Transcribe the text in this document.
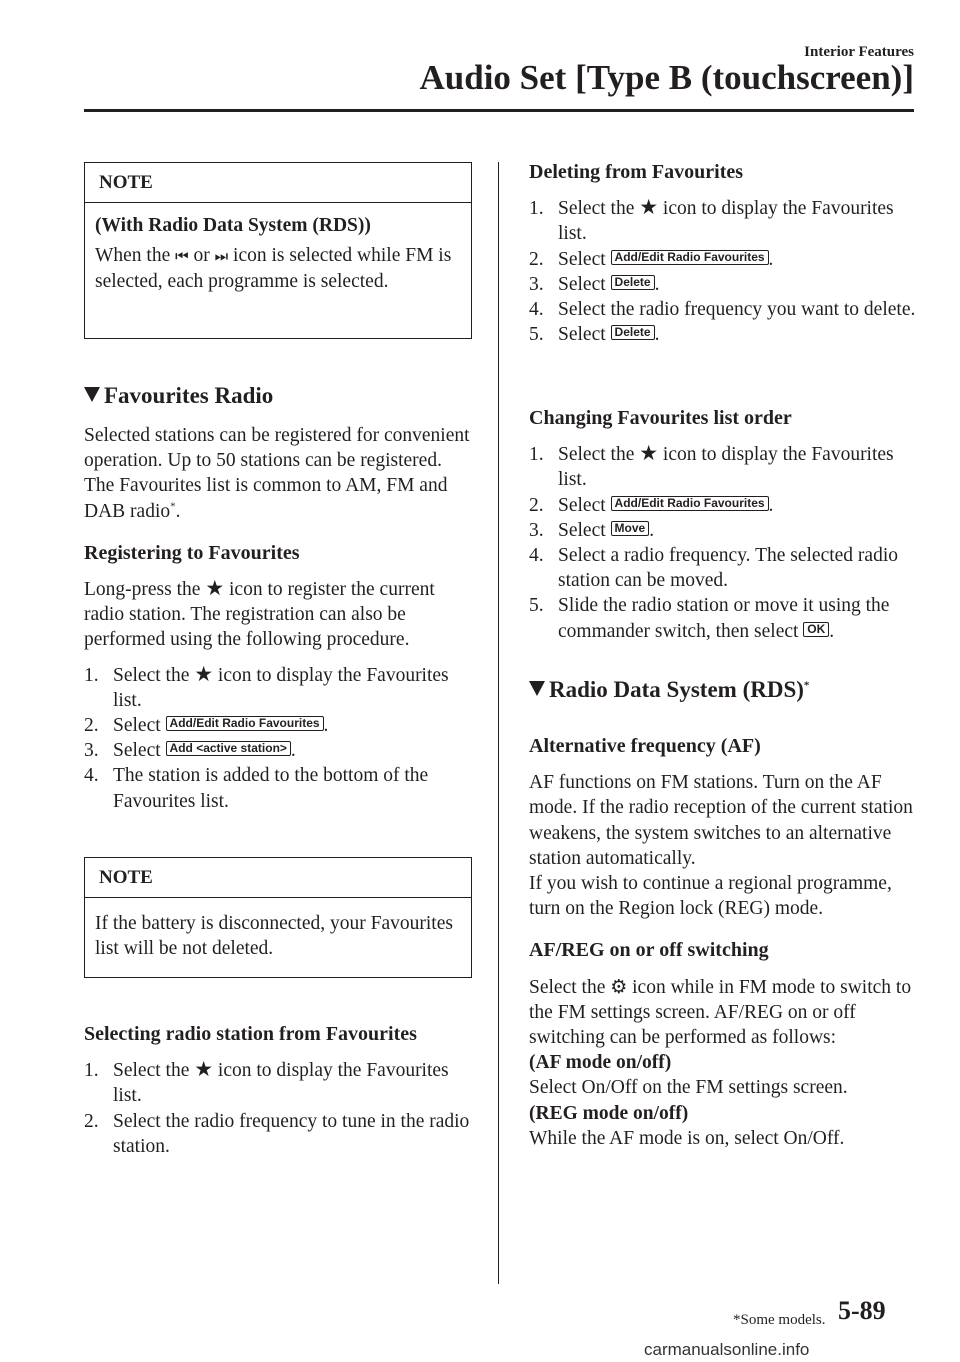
Interior Features
Audio Set [Type B (touchscreen)]
NOTE
(With Radio Data System (RDS))

When the ⏮ or ⏭ icon is selected while FM is selected, each programme is selected.

Favourites Radio

Selected stations can be registered for convenient operation. Up to 50 stations can be registered. The Favourites list is common to AM, FM and DAB radio*.

Registering to Favourites

Long-press the ★ icon to register the current radio station. The registration can also be performed using the following procedure.

1. Select the ★ icon to display the Favourites list.
2. Select Add/Edit Radio Favourites .
3. Select Add <active station> .
4. The station is added to the bottom of the Favourites list.
NOTE

If the battery is disconnected, your Favourites list will be not deleted.

Selecting radio station from Favourites
1. Select the ★ icon to display the Favourites list.
2. Select the radio frequency to tune in the radio station.
Deleting from Favourites
1. Select the ★ icon to display the Favourites list.
2. Select Add/Edit Radio Favourites .
3. Select Delete .
4. Select the radio frequency you want to delete.
5. Select Delete .
Changing Favourites list order
1. Select the ★ icon to display the Favourites list.
2. Select Add/Edit Radio Favourites .
3. Select Move .
4. Select a radio frequency. The selected radio station can be moved.
5. Slide the radio station or move it using the commander switch, then select OK .
Radio Data System (RDS)*
Alternative frequency (AF)

AF functions on FM stations. Turn on the AF mode. If the radio reception of the current station weakens, the system switches to an alternative station automatically.

If you wish to continue a regional programme, turn on the Region lock (REG) mode.

AF/REG on or off switching

Select the ⚙ icon while in FM mode to switch to the FM settings screen. AF/REG on or off switching can be performed as follows:

(AF mode on/off)

Select On/Off on the FM settings screen.

(REG mode on/off)

While the AF mode is on, select On/Off.

*Some models. 5-89
carmanualsonline.info
